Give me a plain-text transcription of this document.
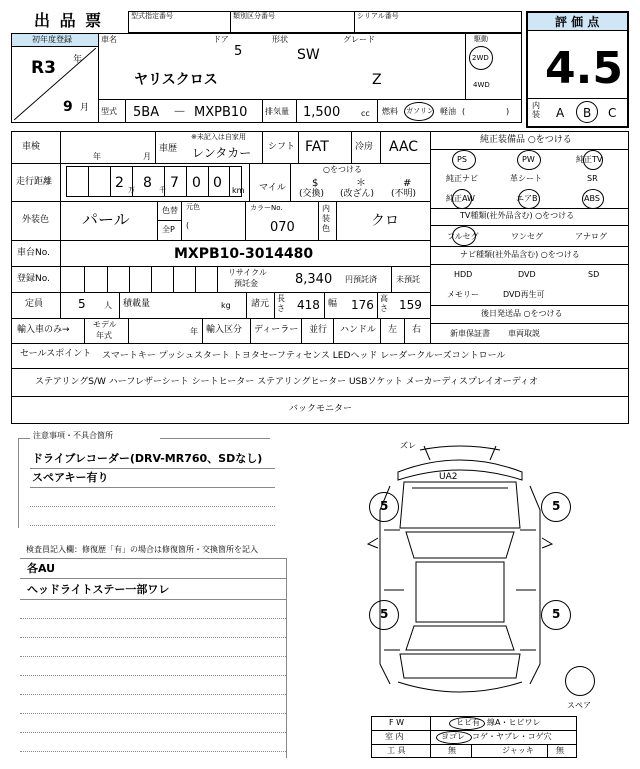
出 品 票	型式指定番号	類別区分番号	シリアル番号	評 価 点
4.5
内装 A B C
初年度登録
R3 年
9 月
車名	ドア
5
形状
SW
グレード
ヤリスクロス	Z
駆動
2WD
4WD
型式 5BA － MXPB10 排気量 1,500	cc 燃料 ガソリン 軽油 (	)
車検
年	月
車歴
※未記入は自家用
レンタカー シフト FAT	冷房 AAC
走行距離	2 万 8 千 7 0 0 km マイル
○をつける
$	＊	#
(交換) (改ざん) (不明)
外装色 パール	色替
全P
元色
(
カラーNo.
070
内装色	クロ
車台No.	MXPB10-3014480
登録No.
リサイクル
預託金	8,340 円預託済 未預託
定員	5 人 積載量	kg 諸元
長さ 418 幅 176 高さ 159
輸入車のみ→
モデル
年式	年 輸入区分 ディーラー 並行 ハンドル 左 右
純正装備品 ○をつける
PS	PW	純正TV
純正ナビ	革シート	SR
純正AW	エアB	ABS
TV種類(社外品含む) ○をつける
フルセグ	ワンセグ	アナログ
ナビ種類(社外品含む) ○をつける
HDD	DVD	SD
メモリー	DVD再生可
後日発送品 ○をつける
新車保証書 車両取説
セールスポイント スマートキー プッシュスタート トヨタセーフティセンス LEDヘッド レーダークルーズコントロール
ステアリングS/W ハーフレザーシート シートヒーター ステアリングヒーター USBソケット メーカーディスプレイオーディオ
バックモニター
注意事項・不具合箇所
ドライブレコーダー(DRV-MR760、SDなし)
スペアキー有り
検査員記入欄：修復歴「有」の場合は修復箇所・交換箇所を記入
各AU
ヘッドライトステー一部ワレ
ズレ
UA2
5	5
5	5
スペア
F W	ヒビ有 線A・ヒビワレ
室 内	ヨゴレ コゲ・ヤブレ・コゲ穴
工 具	無	ジャッキ	無
